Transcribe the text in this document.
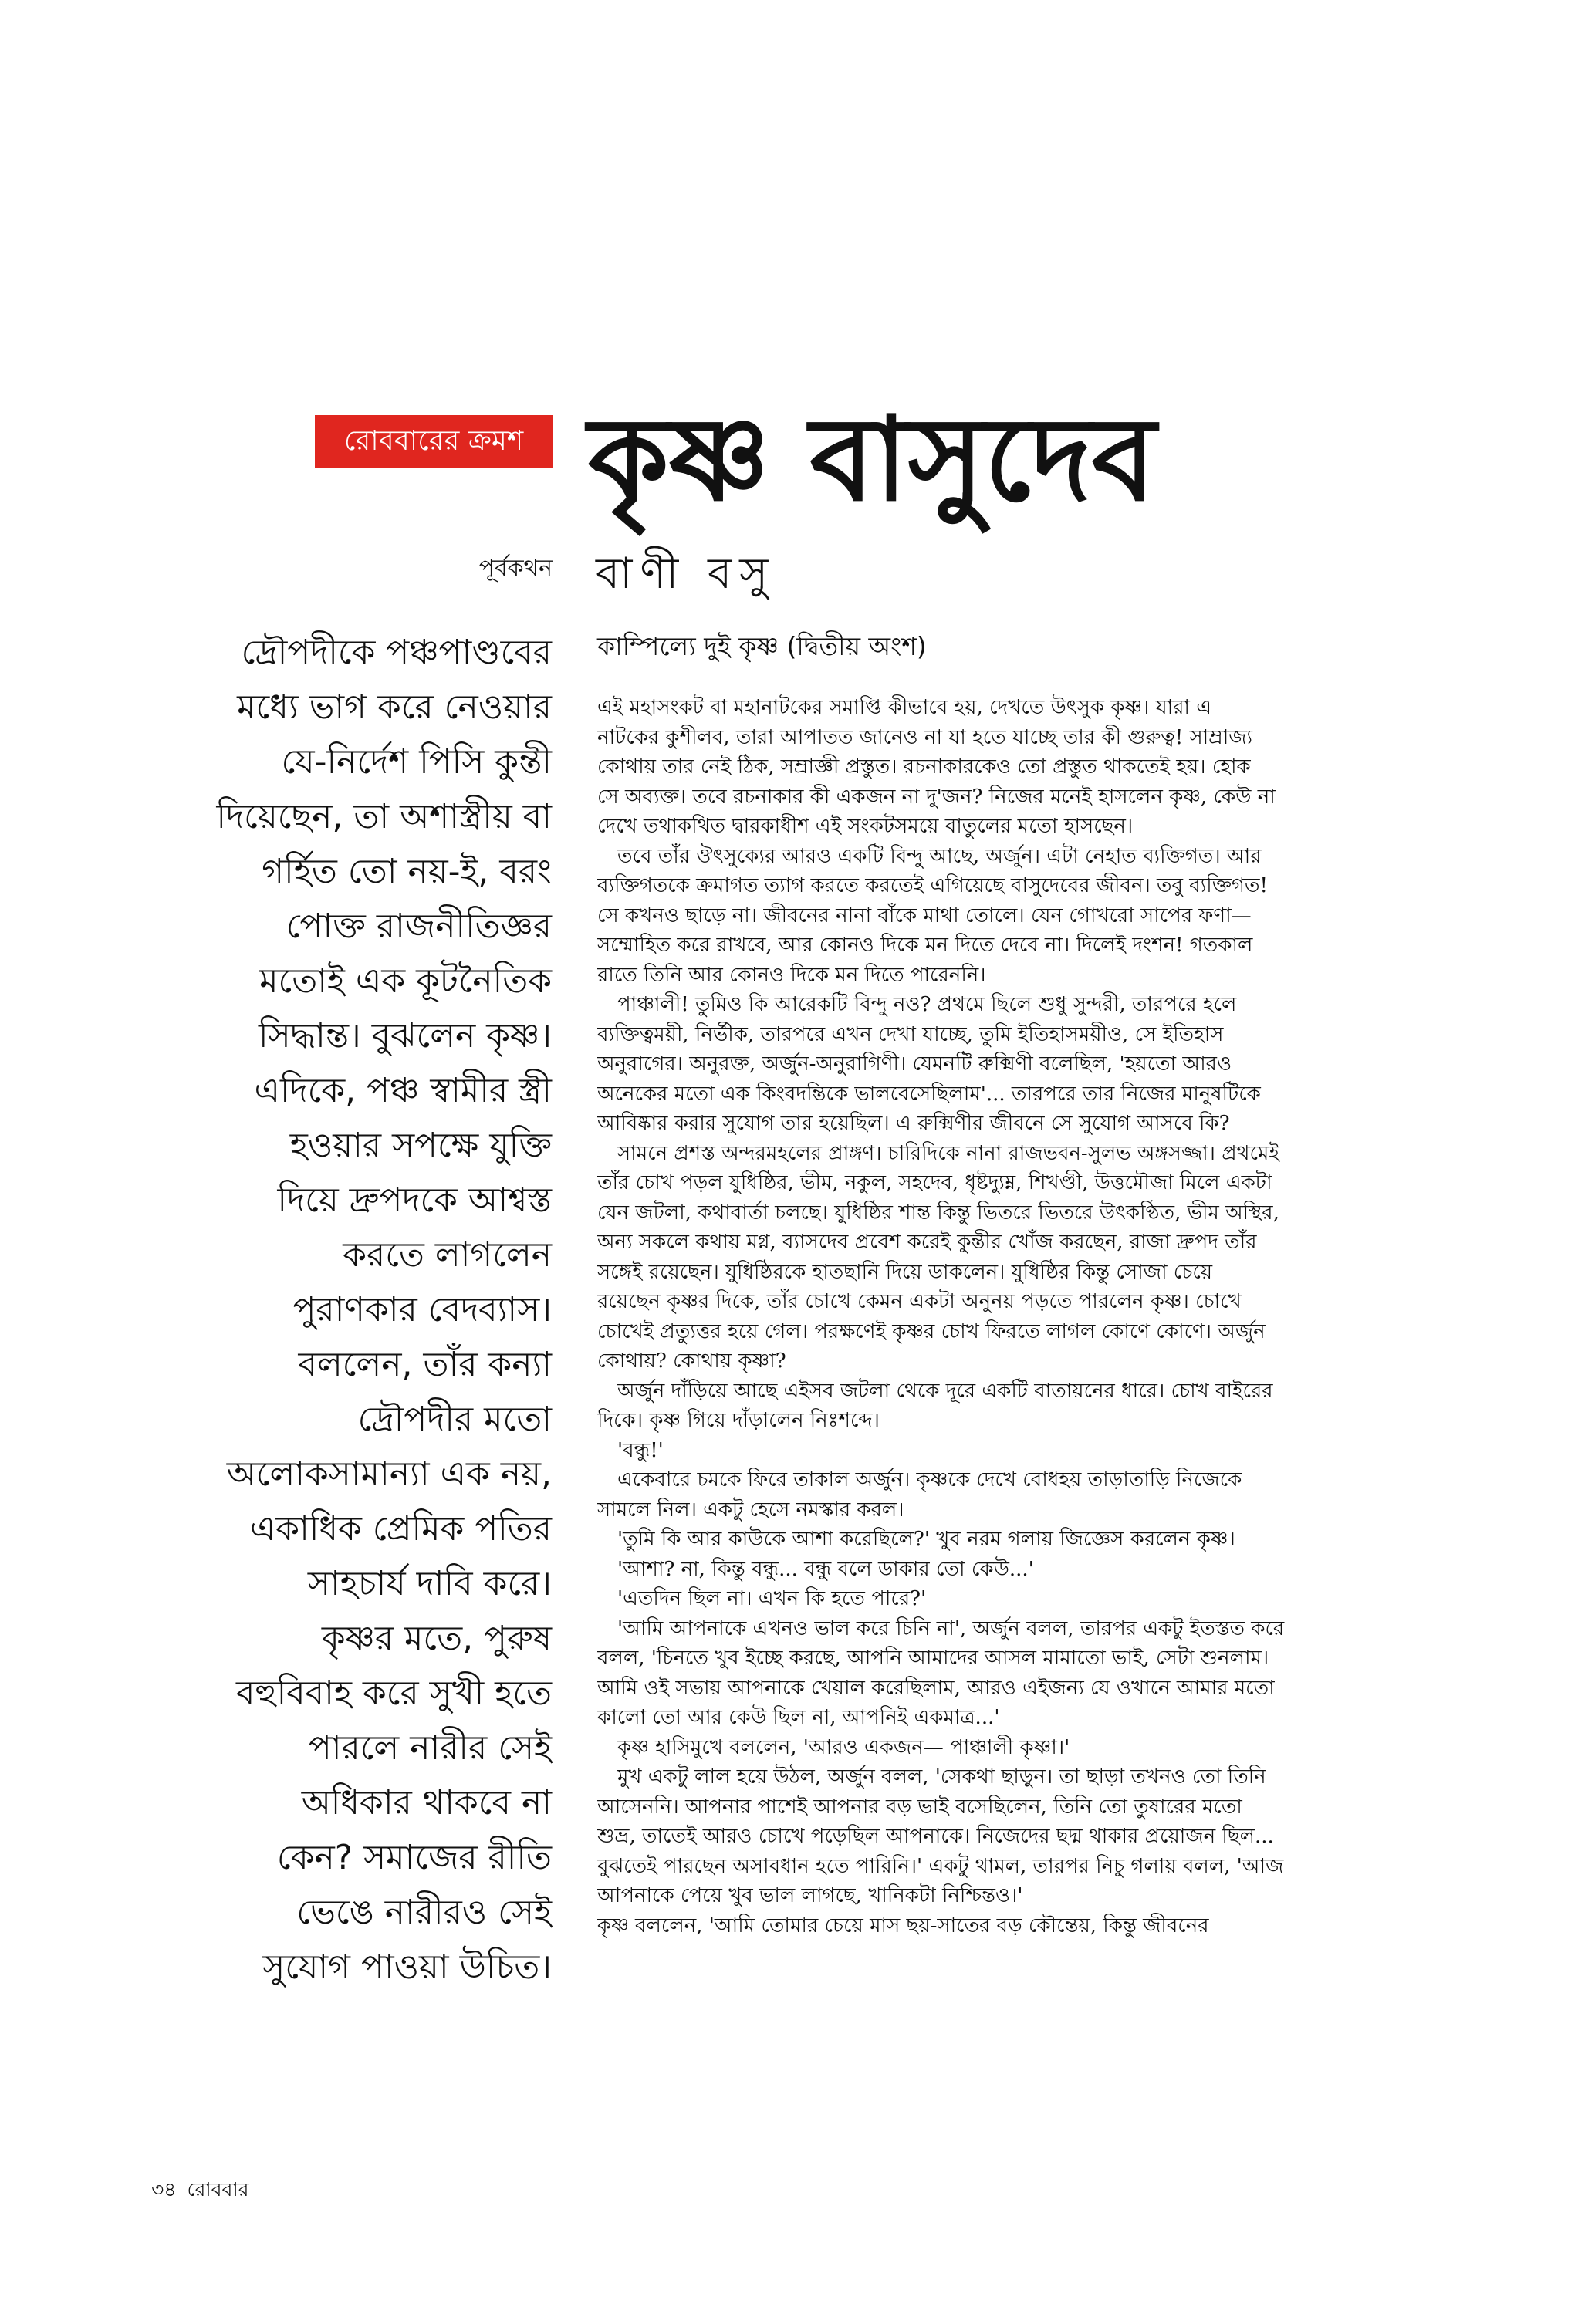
রোববারের ক্রমশ কৃষ্ণ বাসুদেব
পূর্বকথন বাণী বসু
কাম্পিল্যে দুই কৃষ্ণ (দ্বিতীয় অংশ)
দ্রৌপদীকে পঞ্চপাণ্ডবের
মধ্যে ভাগ করে নেওয়ার
যে-নির্দেশ পিসি কুন্তী
দিয়েছেন, তা অশাস্ত্রীয় বা
গর্হিত তো নয়-ই, বরং
পোক্ত রাজনীতিজ্ঞর
মতোই এক কূটনৈতিক
সিদ্ধান্ত। বুঝলেন কৃষ্ণ।
এদিকে, পঞ্চ স্বামীর স্ত্রী
হওয়ার সপক্ষে যুক্তি
দিয়ে দ্রুপদকে আশ্বস্ত
করতে লাগলেন
পুরাণকার বেদব্যাস।
বললেন, তাঁর কন্যা
দ্রৌপদীর মতো
অলোকসামান্যা এক নয়,
একাধিক প্রেমিক পতির
সাহচার্য দাবি করে।
কৃষ্ণর মতে, পুরুষ
বহুবিবাহ করে সুখী হতে
পারলে নারীর সেই
অধিকার থাকবে না
কেন? সমাজের রীতি
ভেঙে নারীরও সেই
সুযোগ পাওয়া উচিত।
এই মহাসংকট বা মহানাটকের সমাপ্তি কীভাবে হয়, দেখতে উৎসুক কৃষ্ণ। যারা এ
নাটকের কুশীলব, তারা আপাতত জানেও না যা হতে যাচ্ছে তার কী গুরুত্ব! সাম্রাজ্য
কোথায় তার নেই ঠিক, সম্রাজ্ঞী প্রস্তুত। রচনাকারকেও তো প্রস্তুত থাকতেই হয়। হোক
সে অব্যক্ত। তবে রচনাকার কী একজন না দু'জন? নিজের মনেই হাসলেন কৃষ্ণ, কেউ না
দেখে তথাকথিত দ্বারকাধীশ এই সংকটসময়ে বাতুলের মতো হাসছেন।
তবে তাঁর ঔৎসুক্যের আরও একটি বিন্দু আছে, অর্জুন। এটা নেহাত ব্যক্তিগত। আর
ব্যক্তিগতকে ক্রমাগত ত্যাগ করতে করতেই এগিয়েছে বাসুদেবের জীবন। তবু ব্যক্তিগত!
সে কখনও ছাড়ে না। জীবনের নানা বাঁকে মাথা তোলে। যেন গোখরো সাপের ফণা—
সম্মোহিত করে রাখবে, আর কোনও দিকে মন দিতে দেবে না। দিলেই দংশন! গতকাল
রাতে তিনি আর কোনও দিকে মন দিতে পারেননি।
পাঞ্চালী! তুমিও কি আরেকটি বিন্দু নও? প্রথমে ছিলে শুধু সুন্দরী, তারপরে হলে
ব্যক্তিত্বময়ী, নির্ভীক, তারপরে এখন দেখা যাচ্ছে, তুমি ইতিহাসময়ীও, সে ইতিহাস
অনুরাগের। অনুরক্ত, অর্জুন-অনুরাগিণী। যেমনটি রুক্মিণী বলেছিল, 'হয়তো আরও
অনেকের মতো এক কিংবদন্তিকে ভালবেসেছিলাম'... তারপরে তার নিজের মানুষটিকে
আবিষ্কার করার সুযোগ তার হয়েছিল। এ রুক্মিণীর জীবনে সে সুযোগ আসবে কি?
সামনে প্রশস্ত অন্দরমহলের প্রাঙ্গণ। চারিদিকে নানা রাজভবন-সুলভ অঙ্গসজ্জা। প্রথমেই
তাঁর চোখ পড়ল যুধিষ্ঠির, ভীম, নকুল, সহদেব, ধৃষ্টদ্যুম্ন, শিখণ্ডী, উত্তমৌজা মিলে একটা
যেন জটলা, কথাবার্তা চলছে। যুধিষ্ঠির শান্ত কিন্তু ভিতরে ভিতরে উৎকণ্ঠিত, ভীম অস্থির,
অন্য সকলে কথায় মগ্ন, ব্যাসদেব প্রবেশ করেই কুন্তীর খোঁজ করছেন, রাজা দ্রুপদ তাঁর
সঙ্গেই রয়েছেন। যুধিষ্ঠিরকে হাতছানি দিয়ে ডাকলেন। যুধিষ্ঠির কিন্তু সোজা চেয়ে
রয়েছেন কৃষ্ণর দিকে, তাঁর চোখে কেমন একটা অনুনয় পড়তে পারলেন কৃষ্ণ। চোখে
চোখেই প্রত্যুত্তর হয়ে গেল। পরক্ষণেই কৃষ্ণর চোখ ফিরতে লাগল কোণে কোণে। অর্জুন
কোথায়? কোথায় কৃষ্ণা?
অর্জুন দাঁড়িয়ে আছে এইসব জটলা থেকে দূরে একটি বাতায়নের ধারে। চোখ বাইরের
দিকে। কৃষ্ণ গিয়ে দাঁড়ালেন নিঃশব্দে।
'বন্ধু!'
একেবারে চমকে ফিরে তাকাল অর্জুন। কৃষ্ণকে দেখে বোধহয় তাড়াতাড়ি নিজেকে
সামলে নিল। একটু হেসে নমস্কার করল।
'তুমি কি আর কাউকে আশা করেছিলে?' খুব নরম গলায় জিজ্ঞেস করলেন কৃষ্ণ।
'আশা? না, কিন্তু বন্ধু... বন্ধু বলে ডাকার তো কেউ...'
'এতদিন ছিল না। এখন কি হতে পারে?'
'আমি আপনাকে এখনও ভাল করে চিনি না', অর্জুন বলল, তারপর একটু ইতস্তত করে
বলল, 'চিনতে খুব ইচ্ছে করছে, আপনি আমাদের আসল মামাতো ভাই, সেটা শুনলাম।
আমি ওই সভায় আপনাকে খেয়াল করেছিলাম, আরও এইজন্য যে ওখানে আমার মতো
কালো তো আর কেউ ছিল না, আপনিই একমাত্র...'
কৃষ্ণ হাসিমুখে বললেন, 'আরও একজন— পাঞ্চালী কৃষ্ণা।'
মুখ একটু লাল হয়ে উঠল, অর্জুন বলল, 'সেকথা ছাড়ুন। তা ছাড়া তখনও তো তিনি
আসেননি। আপনার পাশেই আপনার বড় ভাই বসেছিলেন, তিনি তো তুষারের মতো
শুভ্র, তাতেই আরও চোখে পড়েছিল আপনাকে। নিজেদের ছদ্ম থাকার প্রয়োজন ছিল...
বুঝতেই পারছেন অসাবধান হতে পারিনি।' একটু থামল, তারপর নিচু গলায় বলল, 'আজ
আপনাকে পেয়ে খুব ভাল লাগছে, খানিকটা নিশ্চিন্তও।'
কৃষ্ণ বললেন, 'আমি তোমার চেয়ে মাস ছয়-সাতের বড় কৌন্তেয়, কিন্তু জীবনের
৩৪ রোববার
